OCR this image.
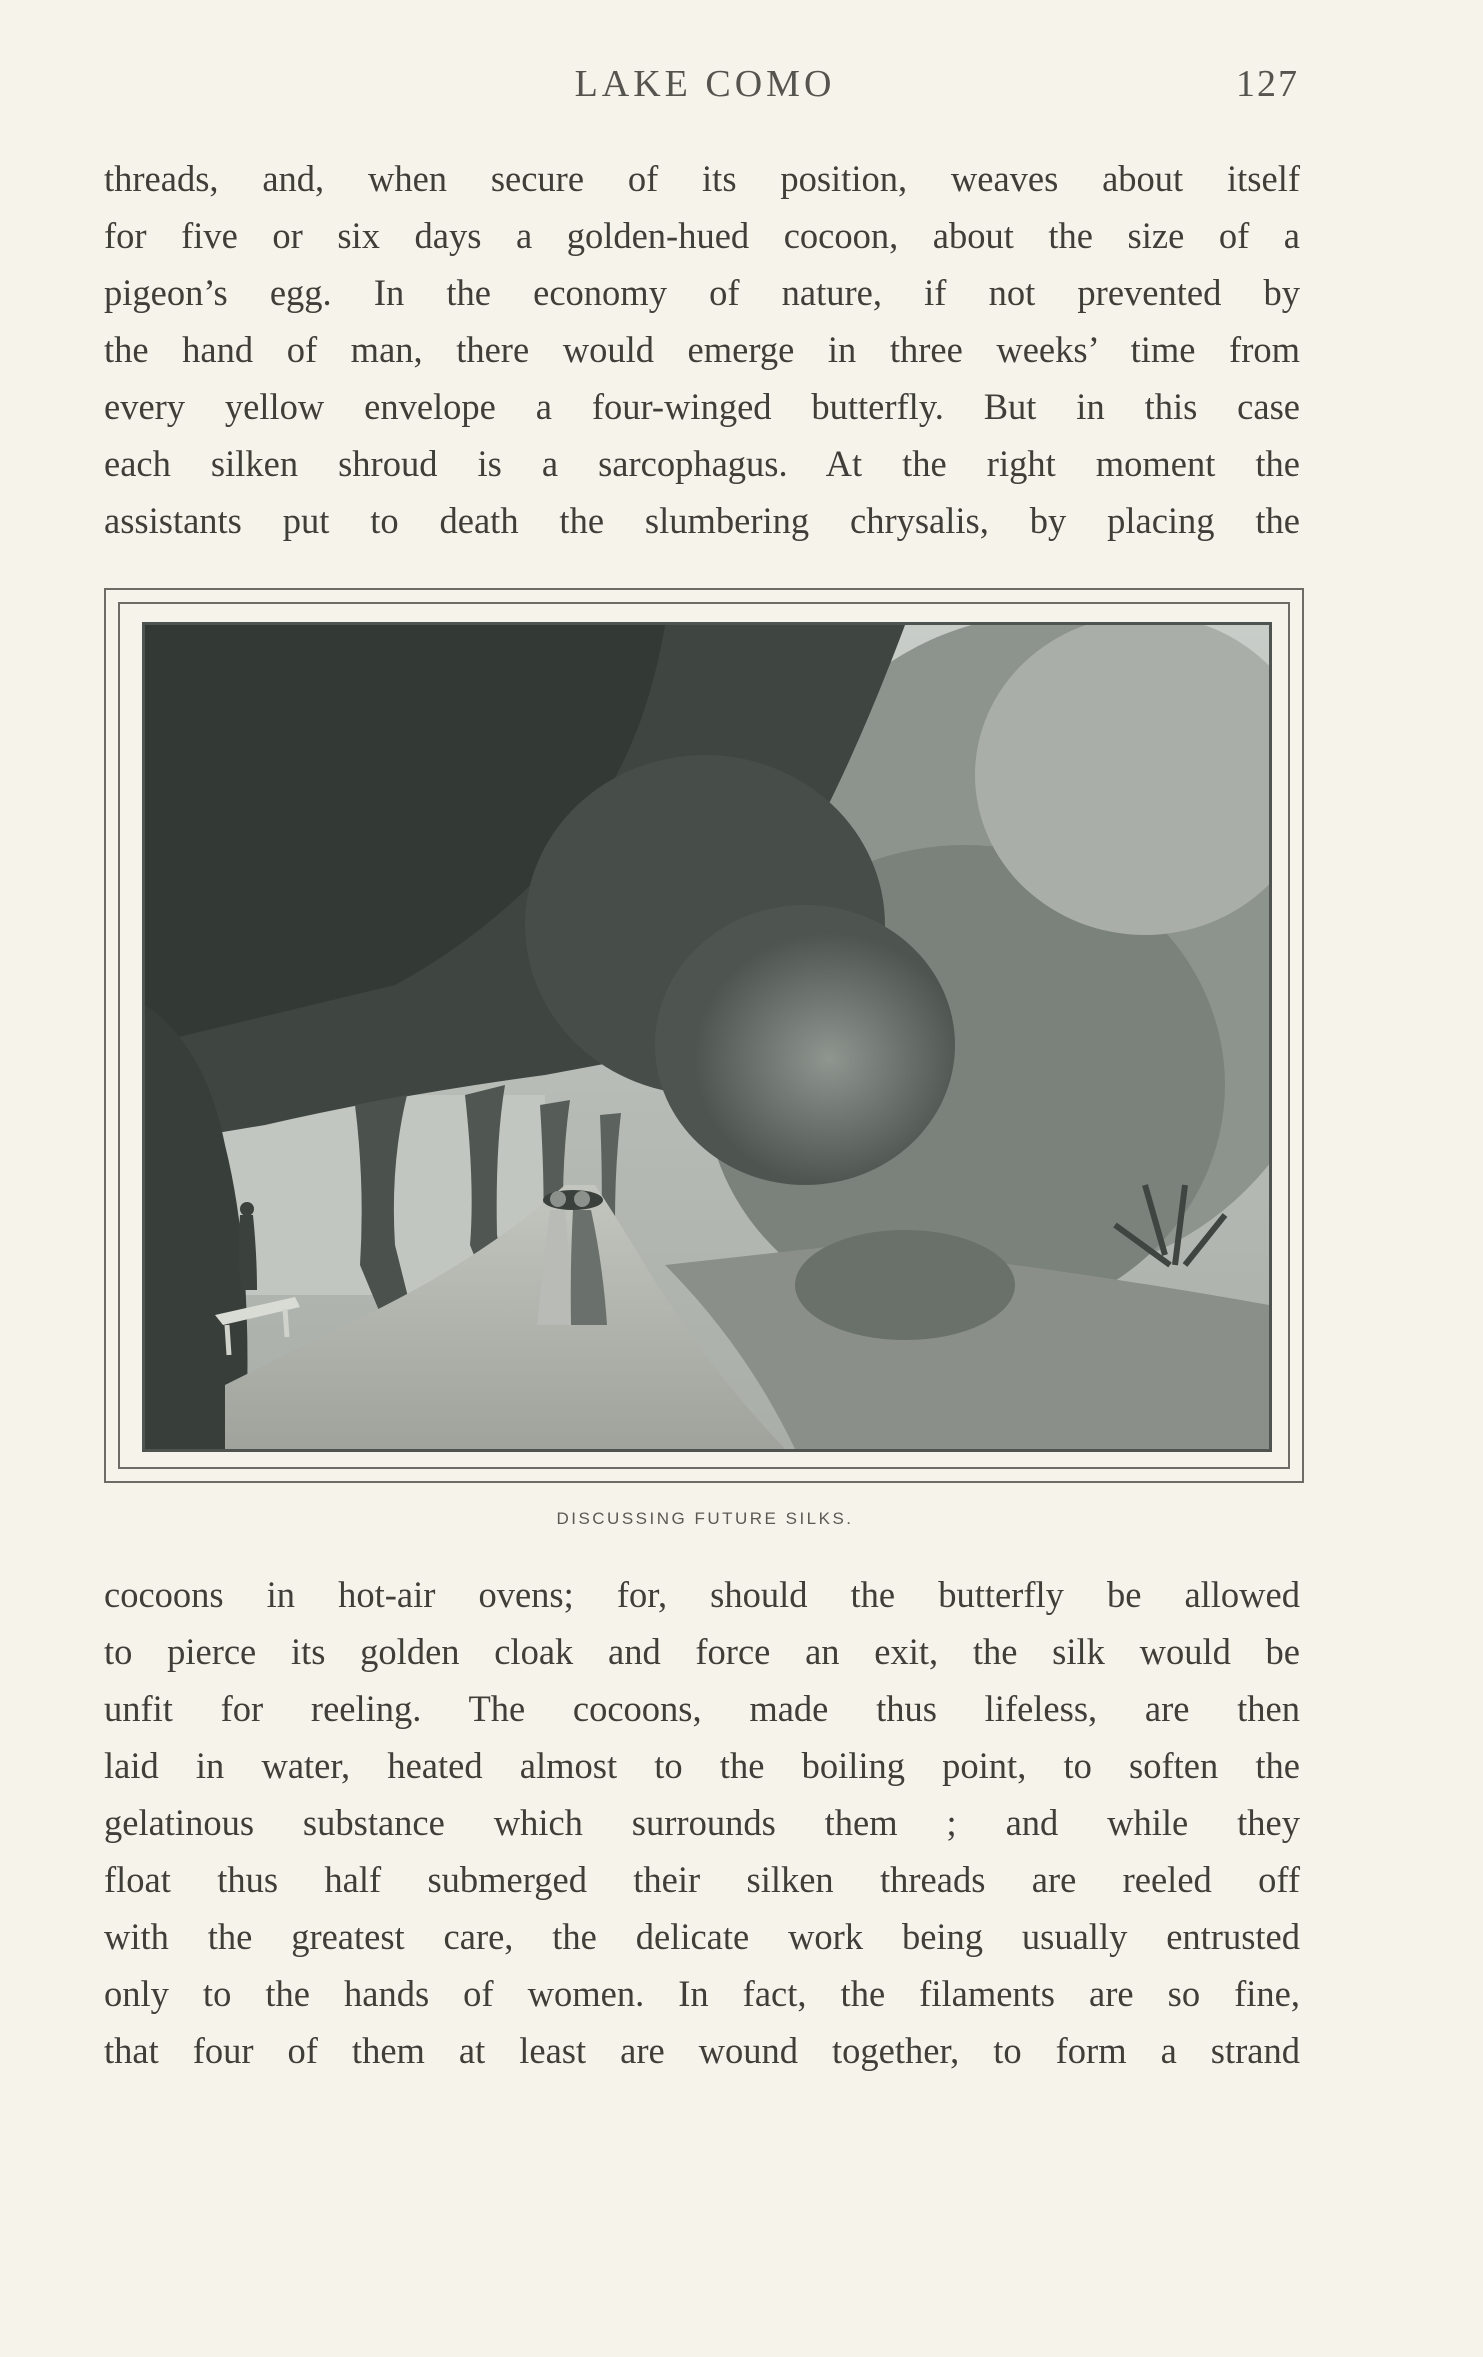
LAKE COMO	127
threads, and, when secure of its position, weaves about itself
for five or six days a golden-hued cocoon, about the size of a
pigeon’s egg. In the economy of nature, if not prevented by
the hand of man, there would emerge in three weeks’ time from
every yellow envelope a four-winged butterfly. But in this case
each silken shroud is a sarcophagus. At the right moment the
assistants put to death the slumbering chrysalis, by placing the
DISCUSSING FUTURE SILKS.
cocoons in hot-air ovens; for, should the butterfly be allowed
to pierce its golden cloak and force an exit, the silk would be
unfit for reeling. The cocoons, made thus lifeless, are then
laid in water, heated almost to the boiling point, to soften the
gelatinous substance which surrounds them ; and while they
float thus half submerged their silken threads are reeled off
with the greatest care, the delicate work being usually entrusted
only to the hands of women. In fact, the filaments are so fine,
that four of them at least are wound together, to form a strand
